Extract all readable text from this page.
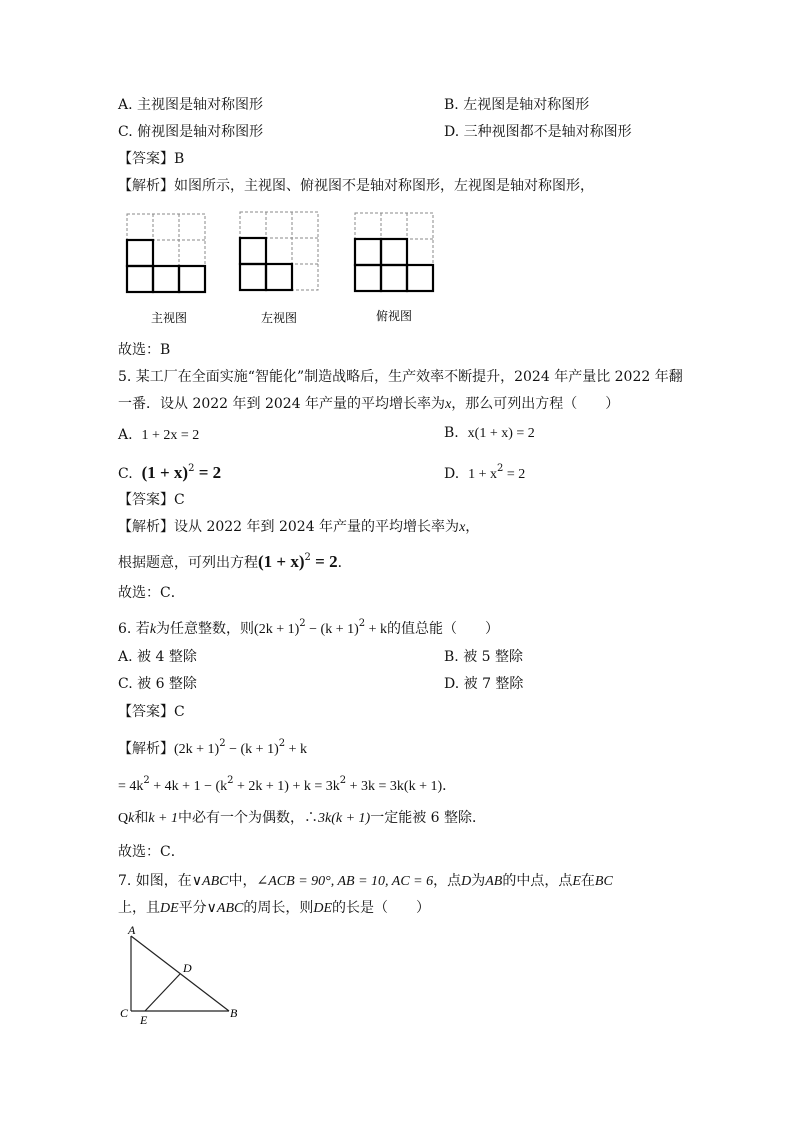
A. 主视图是轴对称图形	B. 左视图是轴对称图形
C. 俯视图是轴对称图形	D. 三种视图都不是轴对称图形
【答案】B
【解析】如图所示，主视图、俯视图不是轴对称图形，左视图是轴对称图形，
主视图	左视图	俯视图
故选：B
5. 某工厂在全面实施“智能化”制造战略后，生产效率不断提升，2024 年产量比 2022 年翻
一番．设从 2022 年到 2024 年产量的平均增长率为x，那么可列出方程（　　）
A. 1 + 2x = 2	B. x(1 + x) = 2
C. $(1 + x)^2 = 2$	D. $1 + x^2 = 2$
【答案】C
【解析】设从 2022 年到 2024 年产量的平均增长率为x，
根据题意，可列出方程$(1 + x)^2 = 2$．
故选：C．
6. 若k为任意整数，则$(2k + 1)^2 - (k + 1)^2 + k$的值总能（　　）
A. 被 4 整除	B. 被 5 整除
C. 被 6 整除	D. 被 7 整除
【答案】C
【解析】$(2k + 1)^2 - (k + 1)^2 + k$
= $4k^2 + 4k + 1 - (k^2 + 2k + 1) + k = 3k^2 + 3k = 3k(k + 1)$．
Qk和k + 1中必有一个为偶数，∴3k(k + 1)一定能被 6 整除．
故选：C．
7. 如图，在∨ABC中，∠ACB = 90°, AB = 10, AC = 6，点D为AB的中点，点E在BC
上，且DE平分∨ABC的周长，则DE的长是（　　）
A
C E
D
B
